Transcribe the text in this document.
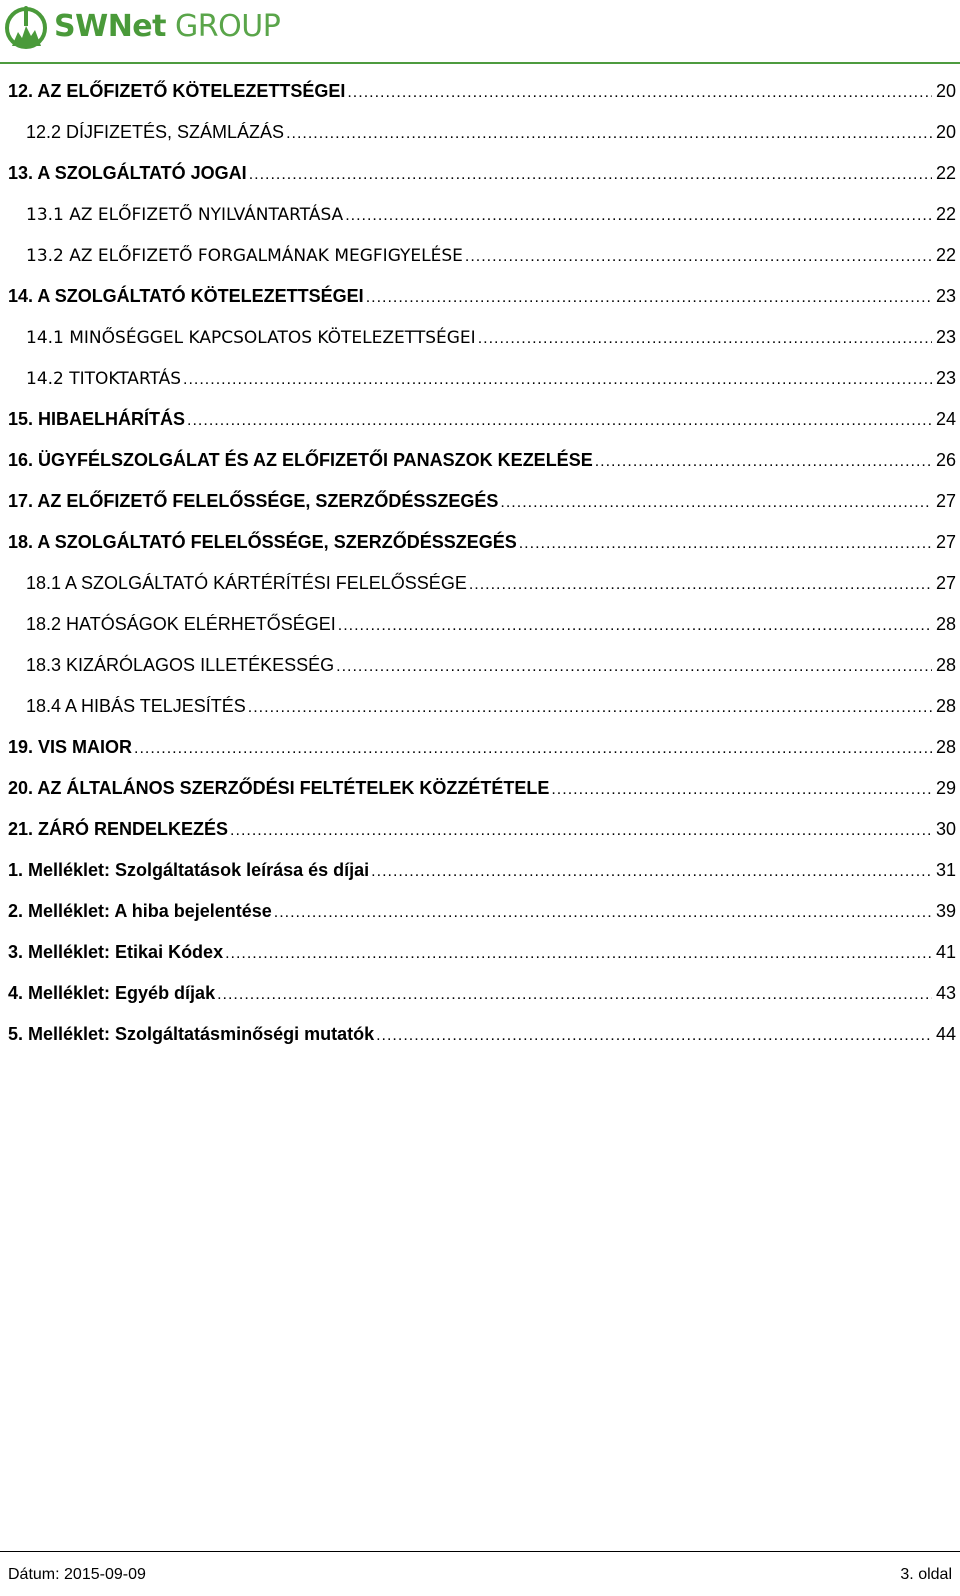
SWNet GROUP
12. AZ ELŐFIZETŐ KÖTELEZETTSÉGEI .....	20
12.2 DÍJFIZETÉS, SZÁMLÁZÁS .....	20
13. A SZOLGÁLTATÓ JOGAI .....	22
13.1 AZ ELŐFIZETŐ NYILVÁNTARTÁSA .....	22
13.2 AZ ELŐFIZETŐ FORGALMÁNAK MEGFIGYELÉSE .....	22
14. A SZOLGÁLTATÓ KÖTELEZETTSÉGEI .....	23
14.1 MINŐSÉGGEL KAPCSOLATOS KÖTELEZETTSÉGEI .....	23
14.2 TITOKTARTÁS .....	23
15. HIBAELHÁRÍTÁS .....	24
16. ÜGYFÉLSZOLGÁLAT ÉS AZ ELŐFIZETŐI PANASZOK KEZELÉSE .....	26
17. AZ ELŐFIZETŐ FELELŐSSÉGE, SZERZŐDÉSSZEGÉS .....	27
18. A SZOLGÁLTATÓ FELELŐSSÉGE, SZERZŐDÉSSZEGÉS .....	27
18.1 A SZOLGÁLTATÓ KÁRTÉRÍTÉSI FELELŐSSÉGE .....	27
18.2 HATÓSÁGOK ELÉRHETŐSÉGEI .....	28
18.3 KIZÁRÓLAGOS ILLETÉKESSÉG .....	28
18.4 A HIBÁS TELJESÍTÉS .....	28
19. VIS MAIOR .....	28
20. AZ ÁLTALÁNOS SZERZŐDÉSI FELTÉTELEK KÖZZÉTÉTELE .....	29
21. ZÁRÓ RENDELKEZÉS .....	30
1. Melléklet: Szolgáltatások leírása és díjai .....	31
2. Melléklet: A hiba bejelentése .....	39
3. Melléklet: Etikai Kódex .....	41
4. Melléklet: Egyéb díjak .....	43
5. Melléklet: Szolgáltatásminőségi mutatók .....	44
Dátum: 2015-09-09	3. oldal
